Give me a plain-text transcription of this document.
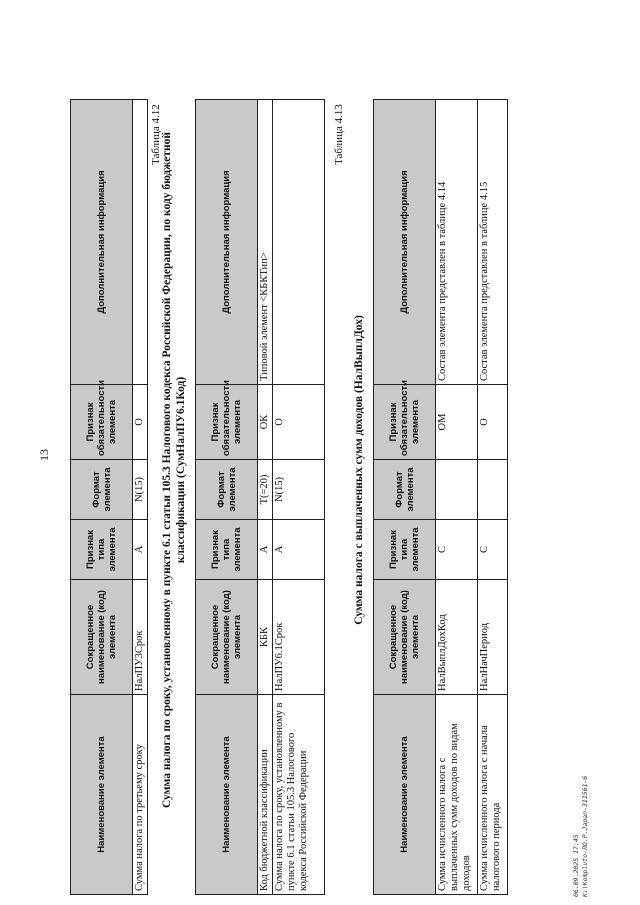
13
Наименование элемента	Сокращенное наименование (код) элемента	Признак типа элемента	Формат элемента	Признак обязательности элемента	Дополнительная информация
Сумма налога по третьему сроку	НалПУ3Срок	А	N(15)	О	
Таблица 4.12 Сумма налога по сроку, установленному в пункте 6.1 статьи 105.3 Налогового кодекса Российской Федерации, по коду бюджетной классификации (СумНалПУ6.1Код)
Наименование элемента	Сокращенное наименование (код) элемента	Признак типа элемента	Формат элемента	Признак обязательности элемента	Дополнительная информация
Код бюджетной классификации	КБК	А	T(=20)	ОК	Типовой элемент <КБКТип>
Сумма налога по сроку, установленному в пункте 6.1 статьи 105.3 Налогового кодекса Российской Федерации	НалПУ6.1Срок	А	N(15)	О	
Таблица 4.13
Сумма налога с выплаченных сумм доходов (НалВыплДох)
Наименование элемента	Сокращенное наименование (код) элемента	Признак типа элемента	Формат элемента	Признак обязательности элемента	Дополнительная информация
Сумма исчисленного налога с выплаченных сумм доходов по видам доходов	НалВыплДохКод	С		ОМ	Состав элемента представлен в таблице 4.14
Сумма исчисленного налога с начала налогового периода	НалНачПериод	С		О	Состав элемента представлен в таблице 4.15
06.09.2025 17:45 К:\Kompluto-ЛО.Р.Japan-311561-6
